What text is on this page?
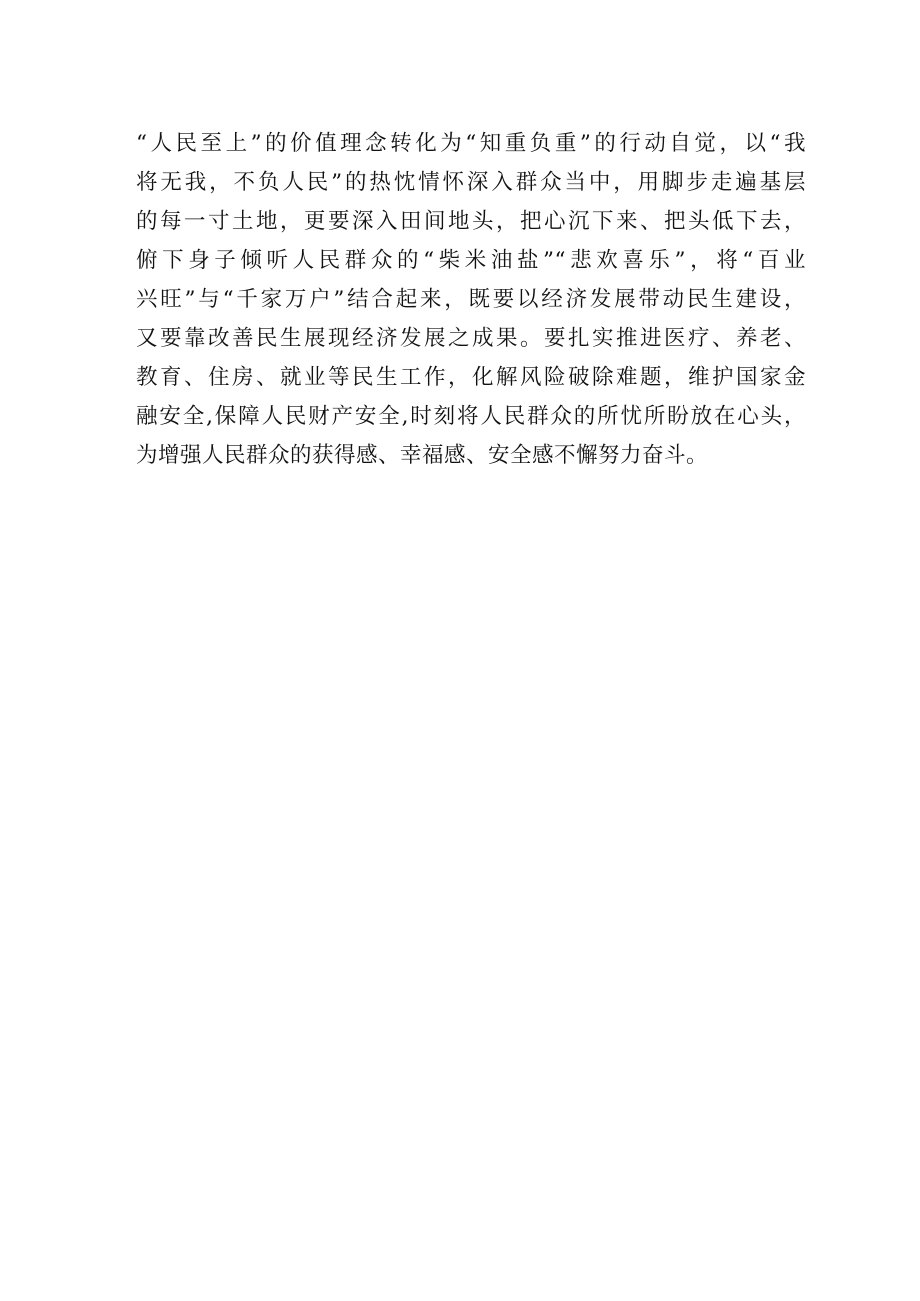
“人民至上”的价值理念转化为“知重负重”的行动自觉，以“我
将无我，不负人民”的热忱情怀深入群众当中，用脚步走遍基层
的每一寸土地，更要深入田间地头，把心沉下来、把头低下去，
俯下身子倾听人民群众的“柴米油盐”“悲欢喜乐”，将“百业
兴旺”与“千家万户”结合起来，既要以经济发展带动民生建设，
又要靠改善民生展现经济发展之成果。要扎实推进医疗、养老、
教育、住房、就业等民生工作，化解风险破除难题，维护国家金
融安全,保障人民财产安全,时刻将人民群众的所忧所盼放在心头，
为增强人民群众的获得感、幸福感、安全感不懈努力奋斗。
